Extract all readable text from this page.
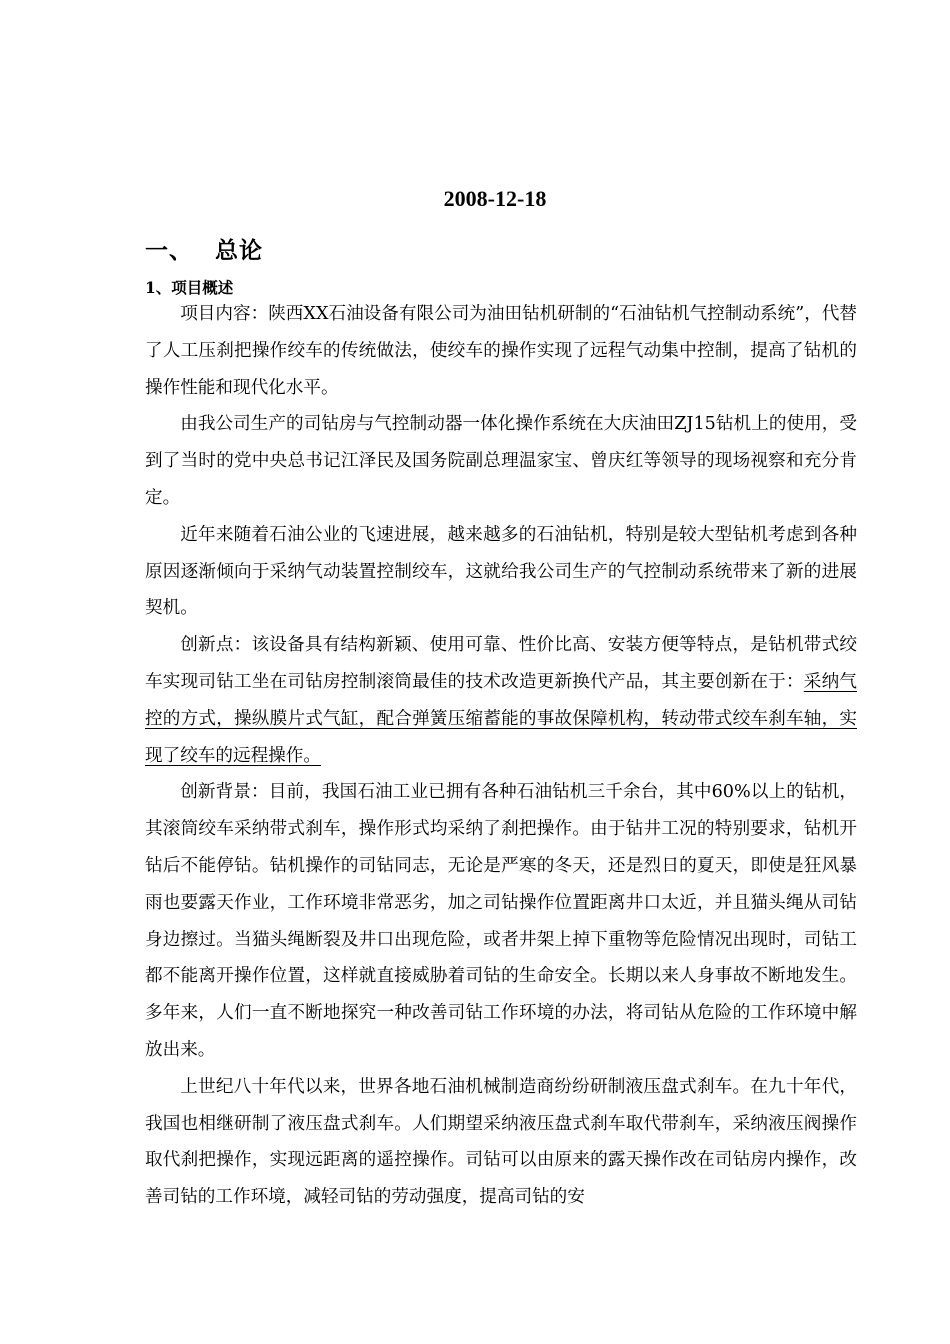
2008-12-18
一、 总论
1、项目概述

项目内容：陕西XX石油设备有限公司为油田钻机研制的“石油钻机气控制动系统”，代替了人工压刹把操作绞车的传统做法，使绞车的操作实现了远程气动集中控制，提高了钻机的操作性能和现代化水平。

由我公司生产的司钻房与气控制动器一体化操作系统在大庆油田ZJ15钻机上的使用，受到了当时的党中央总书记江泽民及国务院副总理温家宝、曾庆红等领导的现场视察和充分肯定。

近年来随着石油公业的飞速进展，越来越多的石油钻机，特别是较大型钻机考虑到各种原因逐渐倾向于采纳气动装置控制绞车，这就给我公司生产的气控制动系统带来了新的进展契机。

创新点：该设备具有结构新颖、使用可靠、性价比高、安装方便等特点，是钻机带式绞车实现司钻工坐在司钻房控制滚筒最佳的技术改造更新换代产品，其主要创新在于：采纳气控的方式，操纵膜片式气缸，配合弹簧压缩蓄能的事故保障机构，转动带式绞车刹车轴，实现了绞车的远程操作。

创新背景：目前，我国石油工业已拥有各种石油钻机三千余台，其中60%以上的钻机，其滚筒绞车采纳带式刹车，操作形式均采纳了刹把操作。由于钻井工况的特别要求，钻机开钻后不能停钻。钻机操作的司钻同志，无论是严寒的冬天，还是烈日的夏天，即使是狂风暴雨也要露天作业，工作环境非常恶劣，加之司钻操作位置距离井口太近，并且猫头绳从司钻身边擦过。当猫头绳断裂及井口出现危险，或者井架上掉下重物等危险情况出现时，司钻工都不能离开操作位置，这样就直接威胁着司钻的生命安全。长期以来人身事故不断地发生。多年来，人们一直不断地探究一种改善司钻工作环境的办法，将司钻从危险的工作环境中解放出来。

上世纪八十年代以来，世界各地石油机械制造商纷纷研制液压盘式刹车。在九十年代，我国也相继研制了液压盘式刹车。人们期望采纳液压盘式刹车取代带刹车，采纳液压阀操作取代刹把操作，实现远距离的遥控操作。司钻可以由原来的露天操作改在司钻房内操作，改善司钻的工作环境，减轻司钻的劳动强度，提高司钻的安
